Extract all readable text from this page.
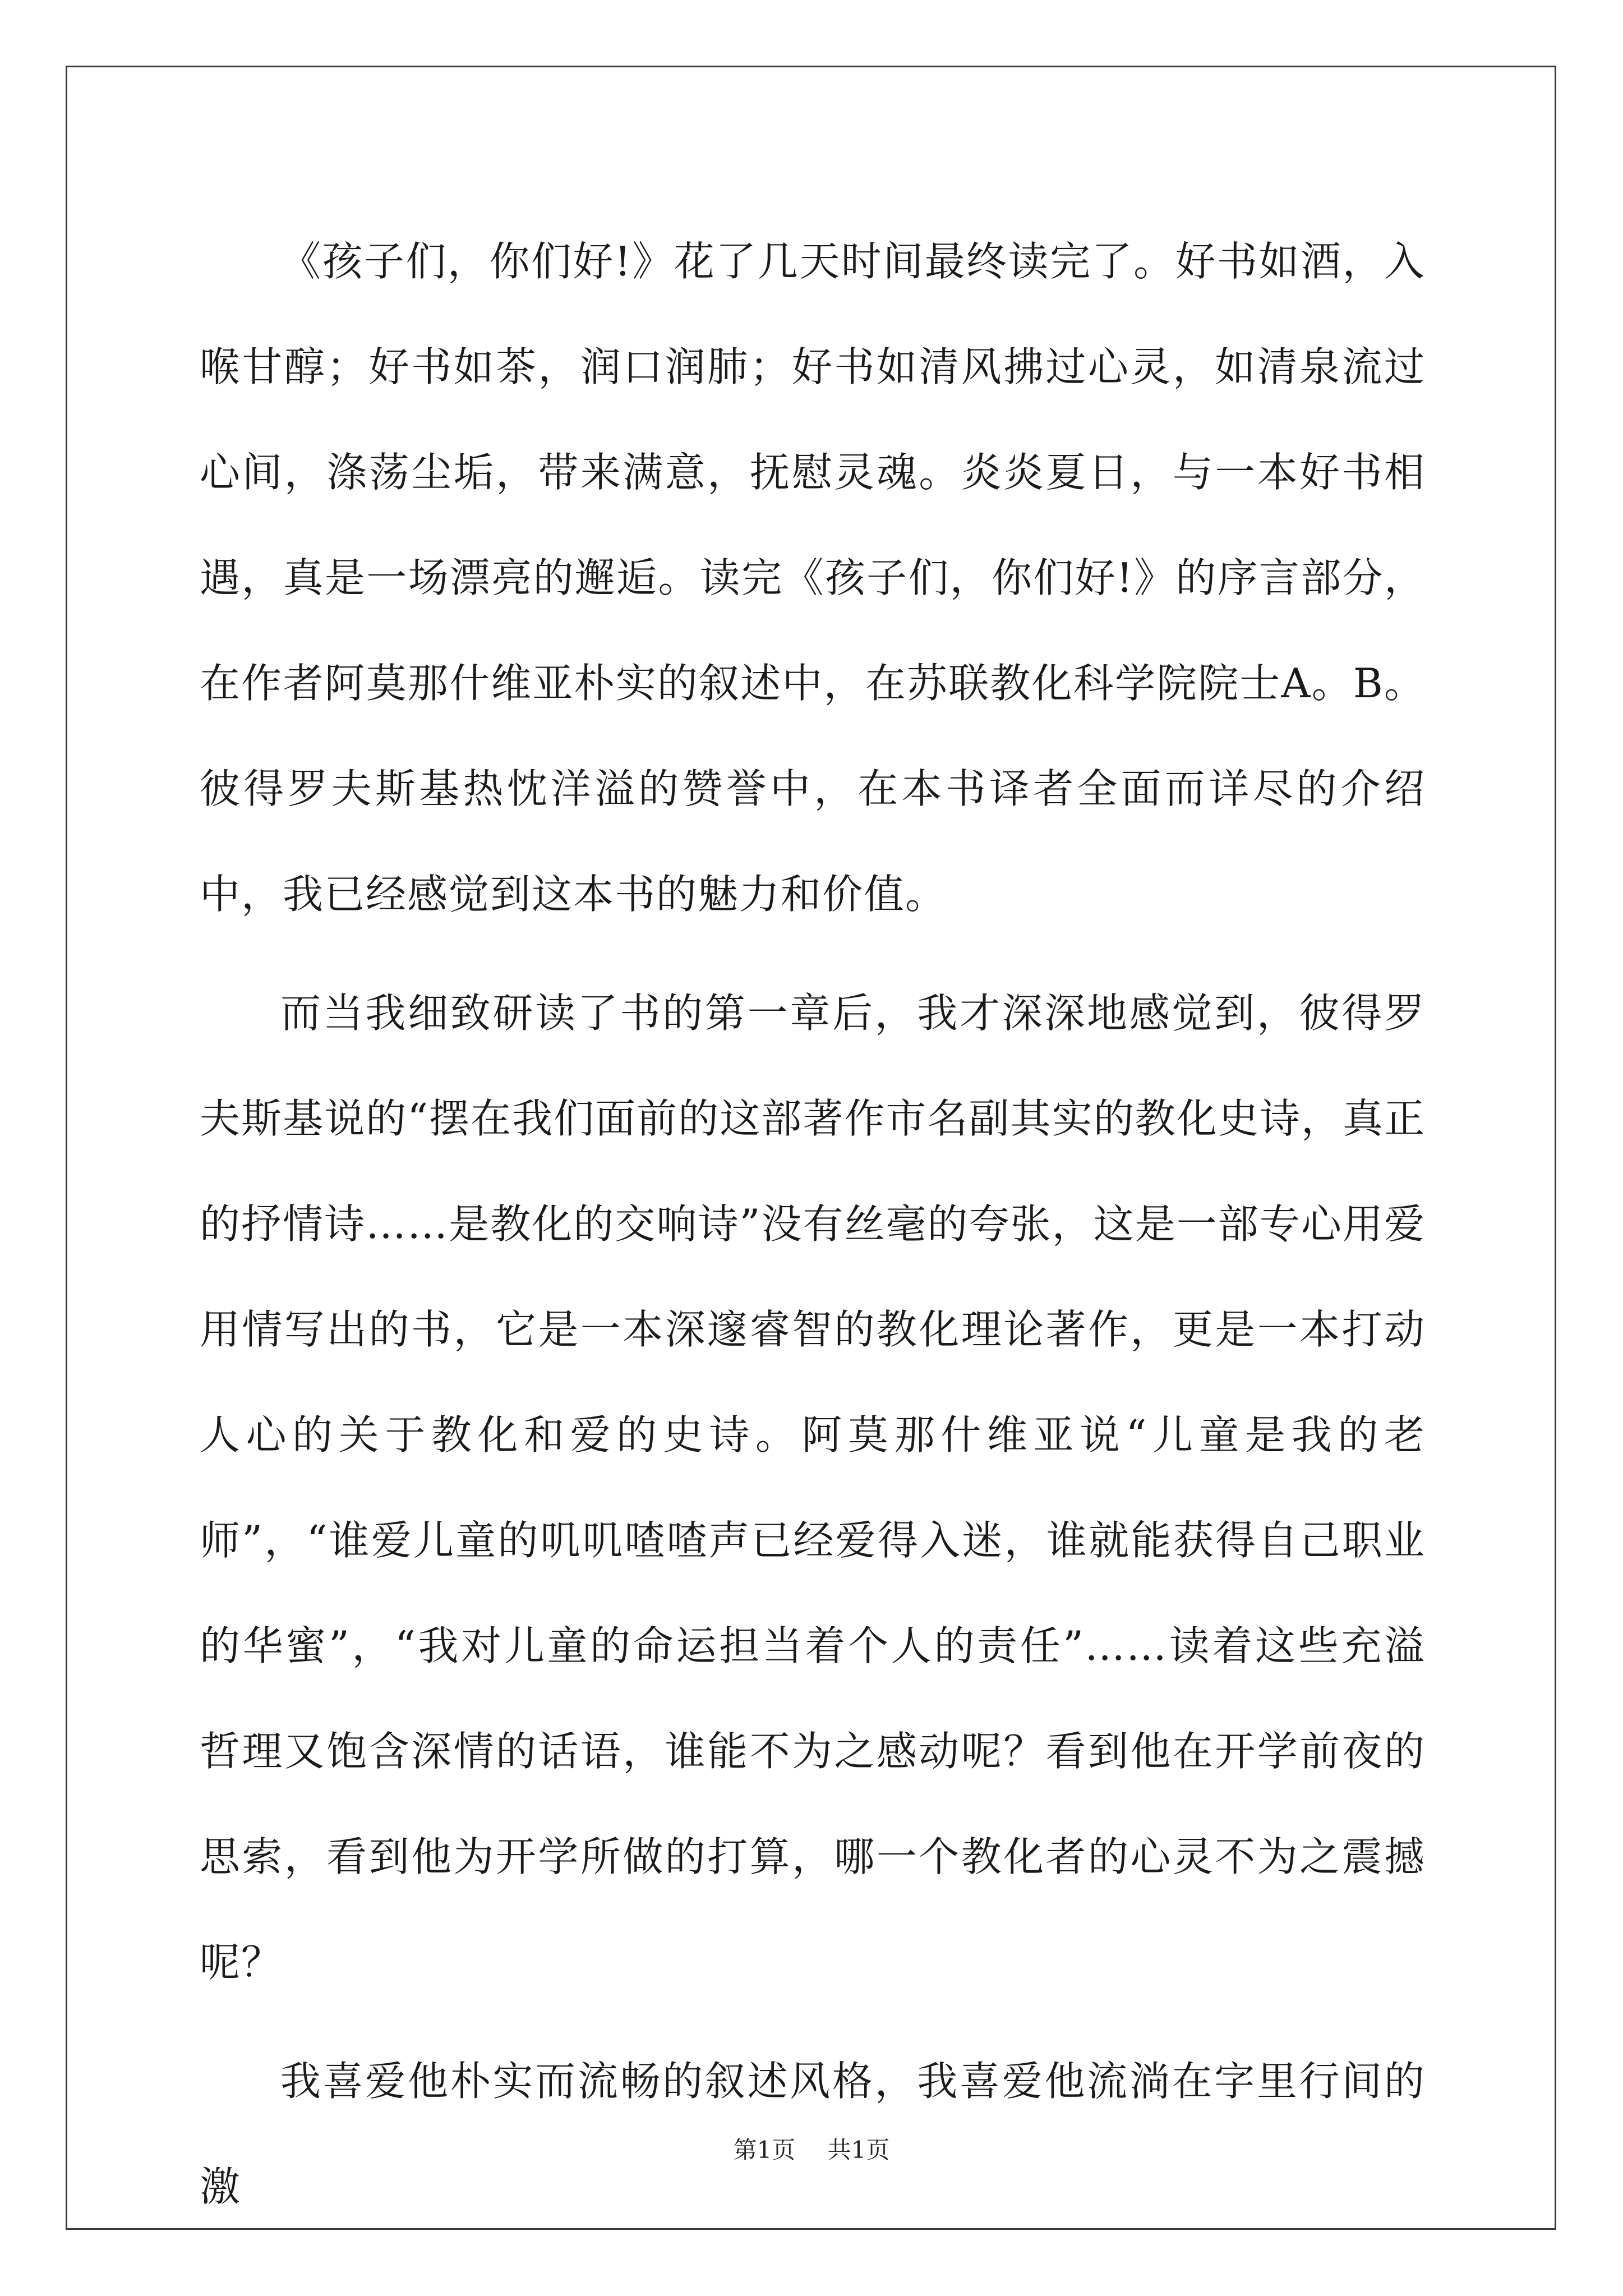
《孩子们，你们好!》花了几天时间最终读完了。好书如酒，入喉甘醇；好书如茶，润口润肺；好书如清风拂过心灵，如清泉流过心间，涤荡尘垢，带来满意，抚慰灵魂。炎炎夏日，与一本好书相遇，真是一场漂亮的邂逅。读完《孩子们，你们好!》的序言部分，在作者阿莫那什维亚朴实的叙述中，在苏联教化科学院院士A。B。彼得罗夫斯基热忱洋溢的赞誉中，在本书译者全面而详尽的介绍中，我已经感觉到这本书的魅力和价值。

而当我细致研读了书的第一章后，我才深深地感觉到，彼得罗夫斯基说的“摆在我们面前的这部著作市名副其实的教化史诗，真正的抒情诗……是教化的交响诗”没有丝毫的夸张，这是一部专心用爱用情写出的书，它是一本深邃睿智的教化理论著作，更是一本打动人心的关于教化和爱的史诗。阿莫那什维亚说“儿童是我的老师”，“谁爱儿童的叽叽喳喳声已经爱得入迷，谁就能获得自己职业的华蜜”，“我对儿童的命运担当着个人的责任”……读着这些充溢哲理又饱含深情的话语，谁能不为之感动呢？看到他在开学前夜的思索，看到他为开学所做的打算，哪一个教化者的心灵不为之震撼呢？

我喜爱他朴实而流畅的叙述风格，我喜爱他流淌在字里行间的激

第1页 共1页
